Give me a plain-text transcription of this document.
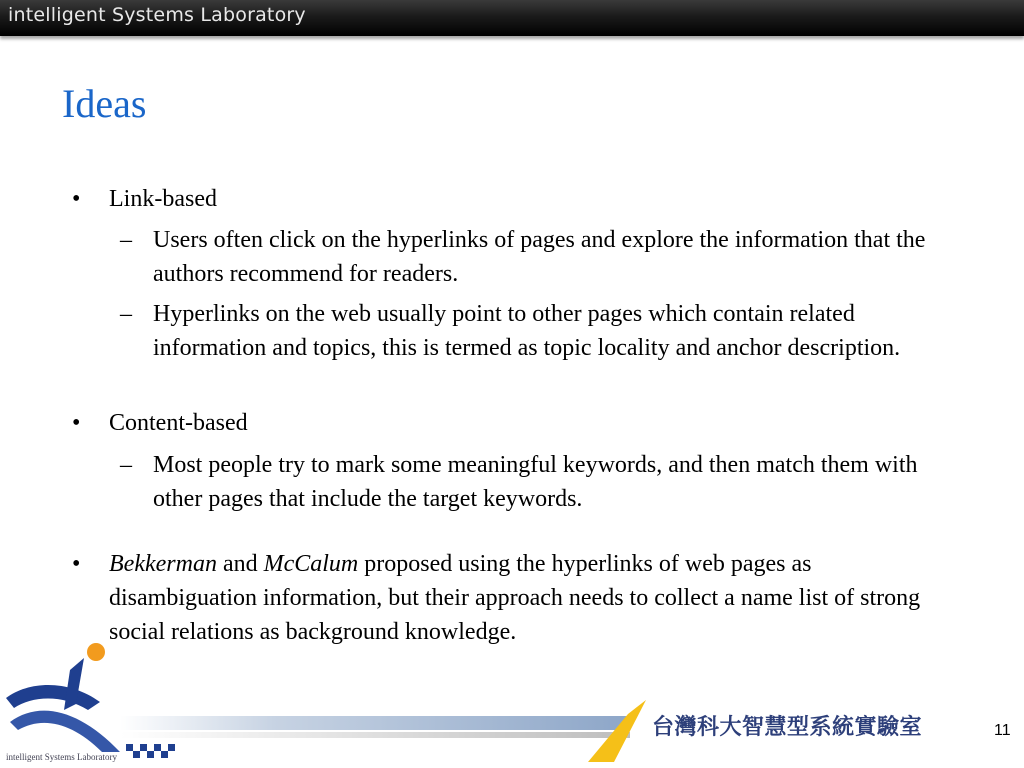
intelligent Systems Laboratory
Ideas
• Link-based
– Users often click on the hyperlinks of pages and explore the information that the authors recommend for readers.
– Hyperlinks on the web usually point to other pages which contain related information and topics, this is termed as topic locality and anchor description.
• Content-based
– Most people try to mark some meaningful keywords, and then match them with other pages that include the target keywords.
• Bekkerman and McCalum proposed using the hyperlinks of web pages as disambiguation information, but their approach needs to collect a name list of strong social relations as background knowledge.
台灣科大智慧型系統實驗室
intelligent Systems Laboratory
11
